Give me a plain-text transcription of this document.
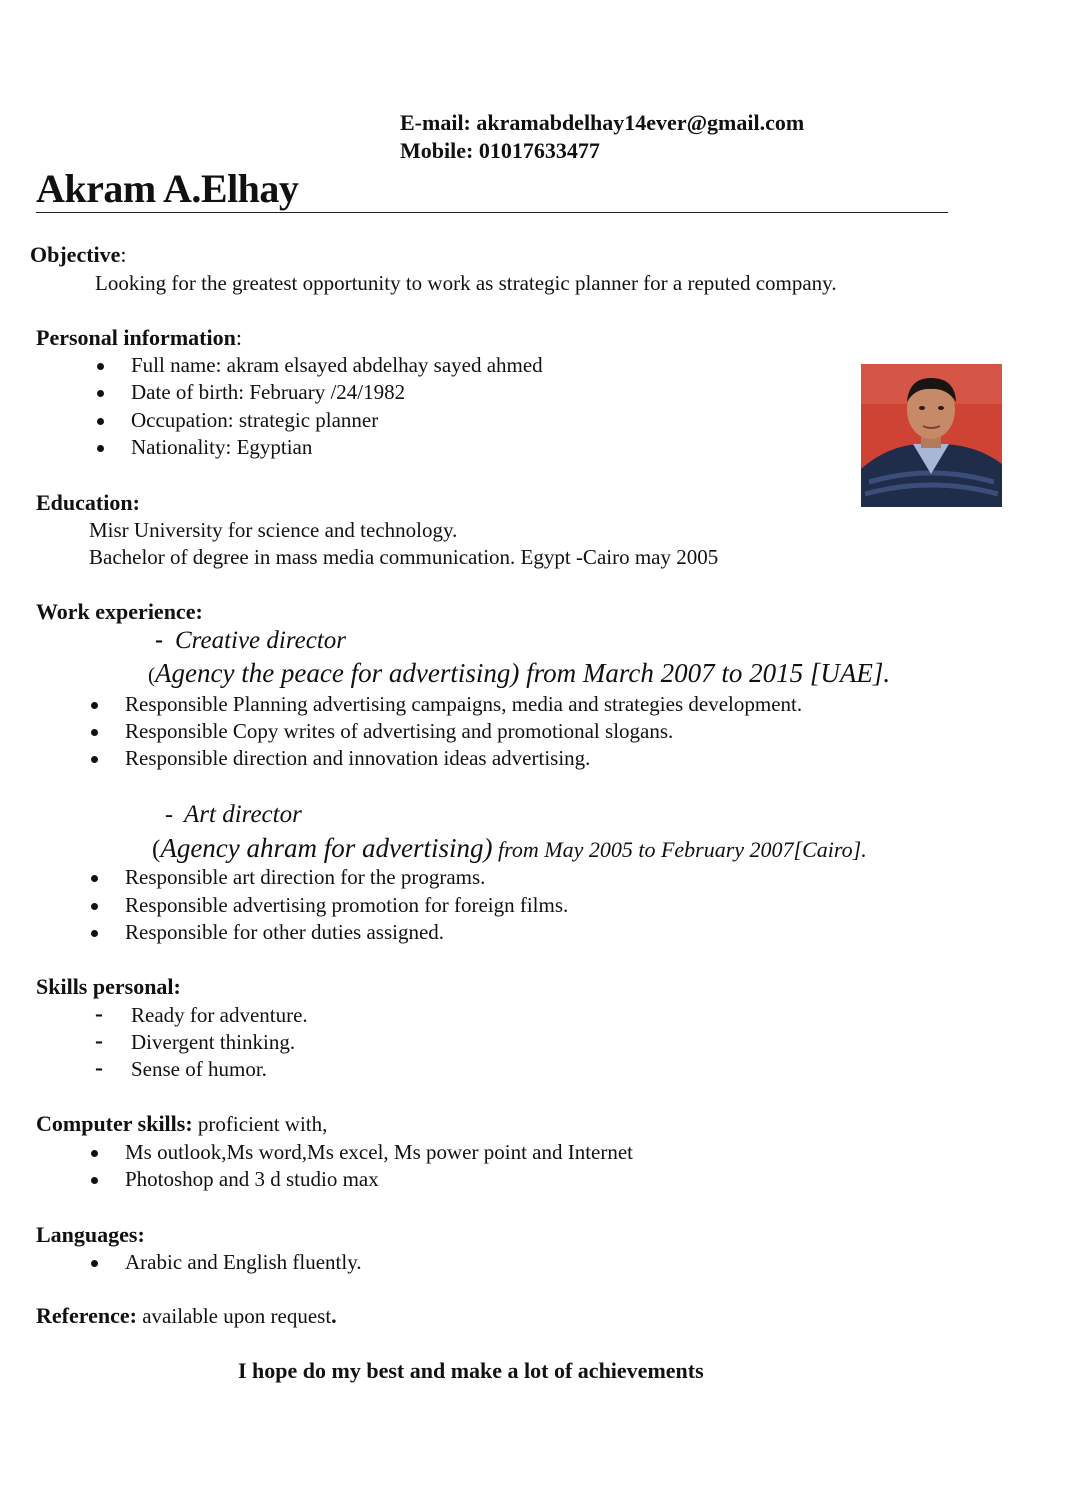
E-mail: akramabdelhay14ever@gmail.com
Mobile: 01017633477
Akram A.Elhay
Objective:
Looking for the greatest opportunity to work as strategic planner for a reputed company.
Personal information:
Full name: akram elsayed abdelhay sayed ahmed
Date of birth: February /24/1982
Occupation: strategic planner
Nationality: Egyptian
Education:
Misr University for science and technology.
Bachelor of degree in mass media communication. Egypt -Cairo may 2005
Work experience:
- Creative director
(Agency the peace for advertising) from March 2007 to 2015 [UAE].
Responsible Planning advertising campaigns, media and strategies development.
Responsible Copy writes of advertising and promotional slogans.
Responsible direction and innovation ideas advertising.
- Art director
(Agency ahram for advertising) from May 2005 to February 2007[Cairo].
Responsible art direction for the programs.
Responsible advertising promotion for foreign films.
Responsible for other duties assigned.
Skills personal:
- Ready for adventure.
- Divergent thinking.
- Sense of humor.
Computer skills: proficient with,
Ms outlook,Ms word,Ms excel, Ms power point and Internet
Photoshop and 3 d studio max
Languages:
Arabic and English fluently.
Reference: available upon request.
I hope do my best and make a lot of achievements
